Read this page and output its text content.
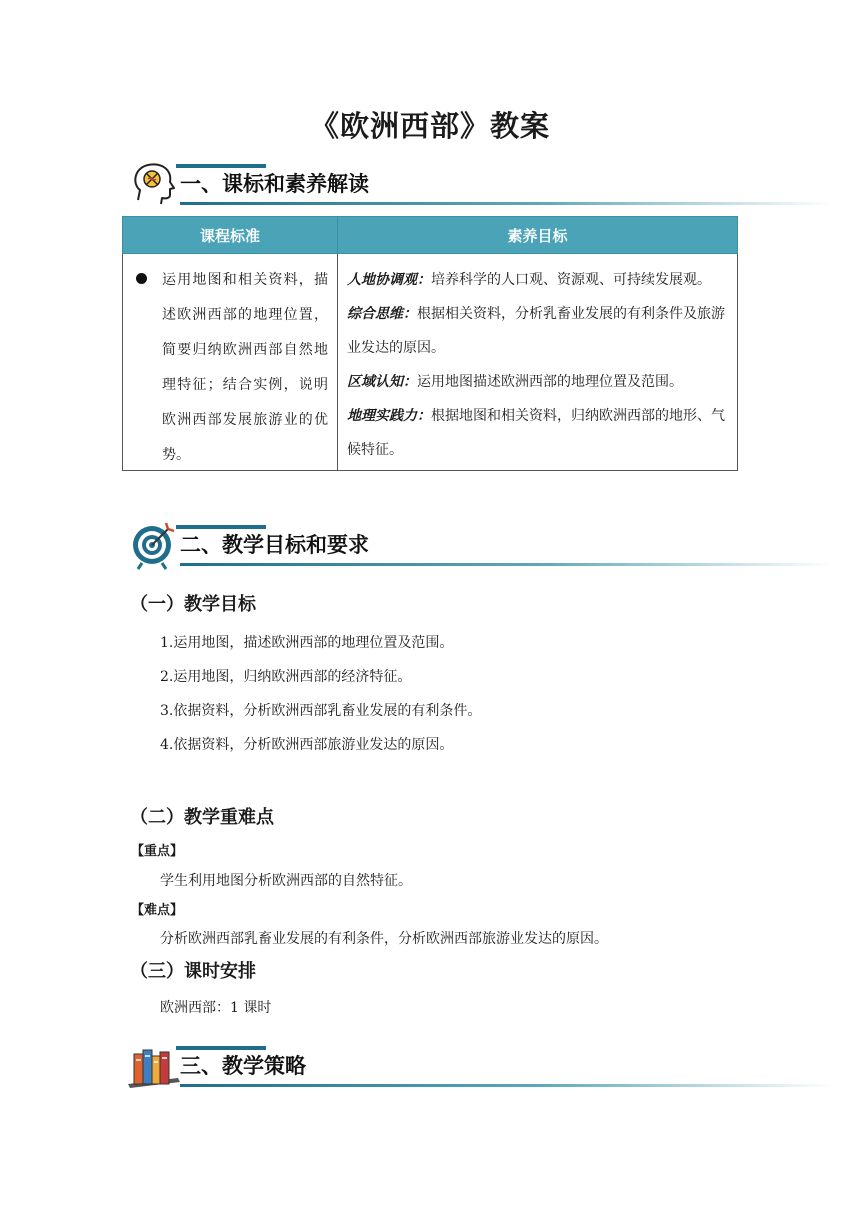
《欧洲西部》教案
一、课标和素养解读
课程标准	素养目标

运用地图和相关资料，描述欧洲西部的地理位置，简要归纳欧洲西部自然地理特征；结合实例，说明欧洲西部发展旅游业的优势。	人地协调观：培养科学的人口观、资源观、可持续发展观。
综合思维：根据相关资料，分析乳畜业发展的有利条件及旅游业发达的原因。
区域认知：运用地图描述欧洲西部的地理位置及范围。
地理实践力：根据地图和相关资料，归纳欧洲西部的地形、气候特征。
二、教学目标和要求
（一）教学目标
1.运用地图，描述欧洲西部的地理位置及范围。
2.运用地图，归纳欧洲西部的经济特征。
3.依据资料，分析欧洲西部乳畜业发展的有利条件。
4.依据资料，分析欧洲西部旅游业发达的原因。
（二）教学重难点
【重点】
学生利用地图分析欧洲西部的自然特征。
【难点】
分析欧洲西部乳畜业发展的有利条件，分析欧洲西部旅游业发达的原因。
（三）课时安排
欧洲西部：1 课时
三、教学策略
